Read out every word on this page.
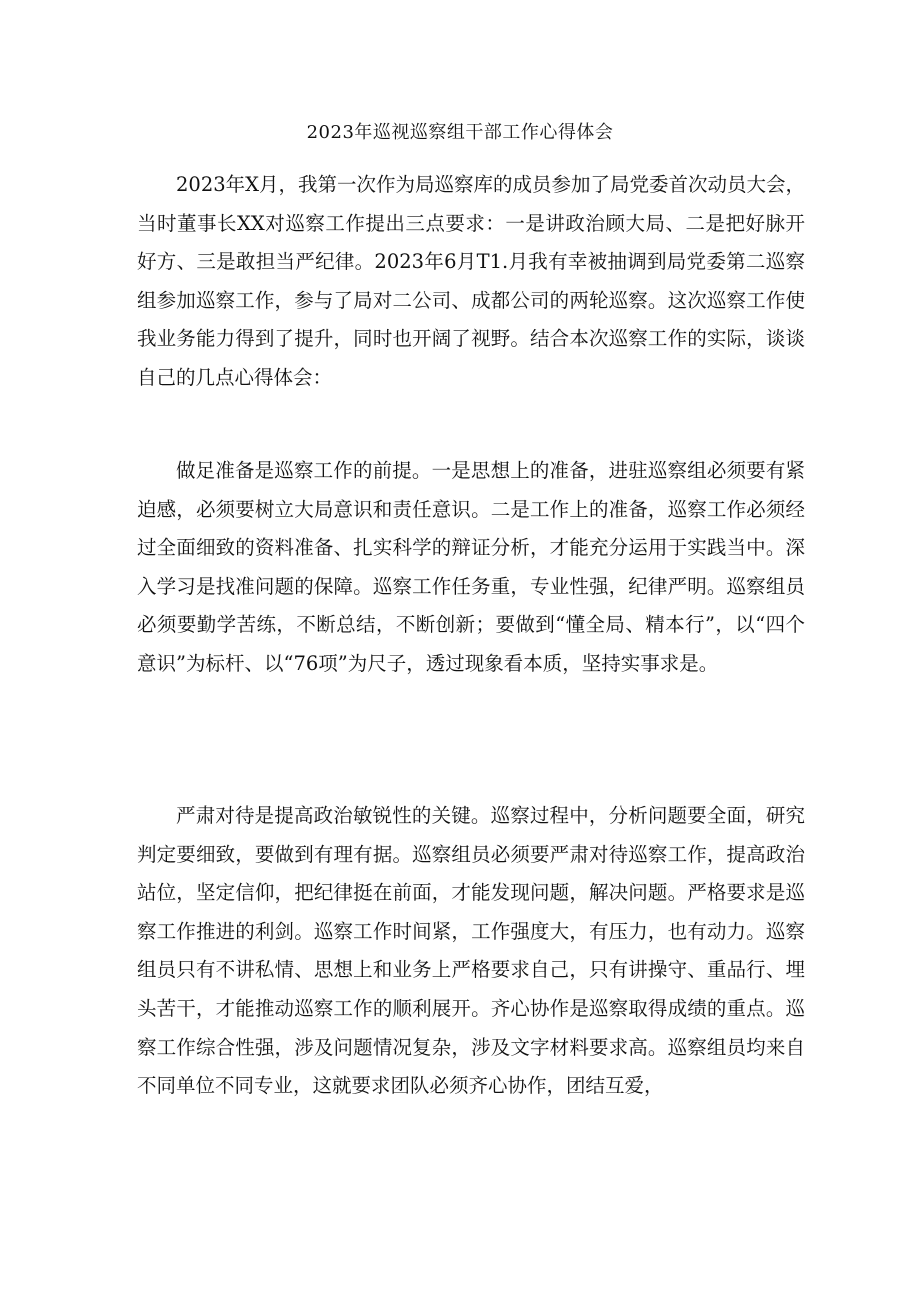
2023年巡视巡察组干部工作心得体会

2023年X月，我第一次作为局巡察库的成员参加了局党委首次动员大会，当时董事长XX对巡察工作提出三点要求：一是讲政治顾大局、二是把好脉开好方、三是敢担当严纪律。2023年6月T1.月我有幸被抽调到局党委第二巡察组参加巡察工作，参与了局对二公司、成都公司的两轮巡察。这次巡察工作使我业务能力得到了提升，同时也开阔了视野。结合本次巡察工作的实际，谈谈自己的几点心得体会：

做足准备是巡察工作的前提。一是思想上的准备，进驻巡察组必须要有紧迫感，必须要树立大局意识和责任意识。二是工作上的准备，巡察工作必须经过全面细致的资料准备、扎实科学的辩证分析，才能充分运用于实践当中。深入学习是找准问题的保障。巡察工作任务重，专业性强，纪律严明。巡察组员必须要勤学苦练，不断总结，不断创新；要做到“懂全局、精本行”，以“四个意识”为标杆、以“76项”为尺子，透过现象看本质，坚持实事求是。

严肃对待是提高政治敏锐性的关键。巡察过程中，分析问题要全面，研究判定要细致，要做到有理有据。巡察组员必须要严肃对待巡察工作，提高政治站位，坚定信仰，把纪律挺在前面，才能发现问题，解决问题。严格要求是巡察工作推进的利剑。巡察工作时间紧，工作强度大，有压力，也有动力。巡察组员只有不讲私情、思想上和业务上严格要求自己，只有讲操守、重品行、埋头苦干，才能推动巡察工作的顺利展开。齐心协作是巡察取得成绩的重点。巡察工作综合性强，涉及问题情况复杂，涉及文字材料要求高。巡察组员均来自不同单位不同专业，这就要求团队必须齐心协作，团结互爱，
